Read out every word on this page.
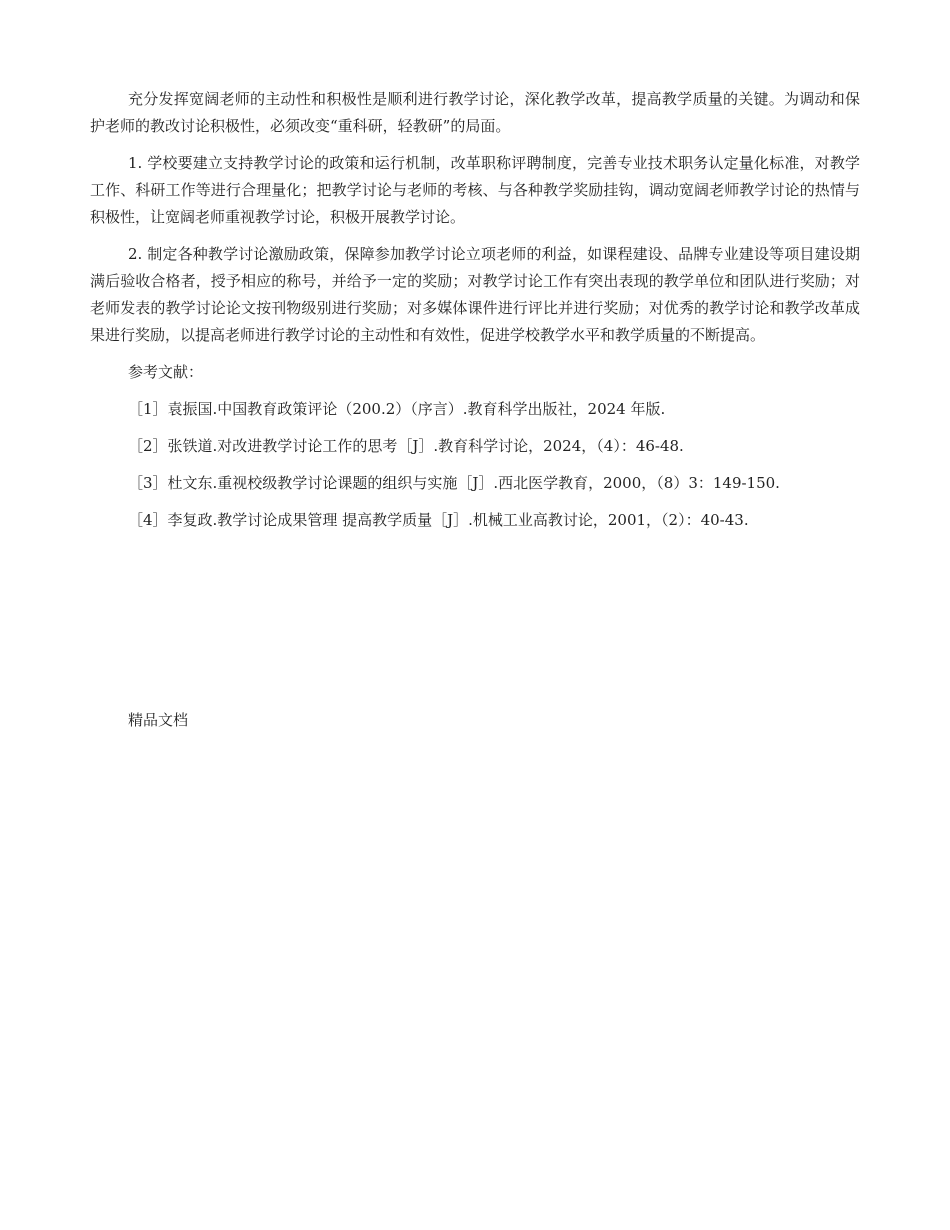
充分发挥宽阔老师的主动性和积极性是顺利进行教学讨论，深化教学改革，提高教学质量的关键。为调动和保护老师的教改讨论积极性，必须改变“重科研，轻教研”的局面。

1. 学校要建立支持教学讨论的政策和运行机制，改革职称评聘制度，完善专业技术职务认定量化标准，对教学工作、科研工作等进行合理量化；把教学讨论与老师的考核、与各种教学奖励挂钩，调动宽阔老师教学讨论的热情与积极性，让宽阔老师重视教学讨论，积极开展教学讨论。

2. 制定各种教学讨论激励政策，保障参加教学讨论立项老师的利益，如课程建设、品牌专业建设等项目建设期满后验收合格者，授予相应的称号，并给予一定的奖励；对教学讨论工作有突出表现的教学单位和团队进行奖励；对老师发表的教学讨论论文按刊物级别进行奖励；对多媒体课件进行评比并进行奖励；对优秀的教学讨论和教学改革成果进行奖励，以提高老师进行教学讨论的主动性和有效性，促进学校教学水平和教学质量的不断提高。

参考文献：

［1］袁振国.中国教育政策评论（200.2）（序言）.教育科学出版社，2024 年版.
［2］张铁道.对改进教学讨论工作的思考［J］.教育科学讨论，2024，（4）：46-48.
［3］杜文东.重视校级教学讨论课题的组织与实施［J］.西北医学教育，2000，（8）3：149-150.
［4］李复政.教学讨论成果管理 提高教学质量［J］.机械工业高教讨论，2001，（2）：40-43.

精品文档
